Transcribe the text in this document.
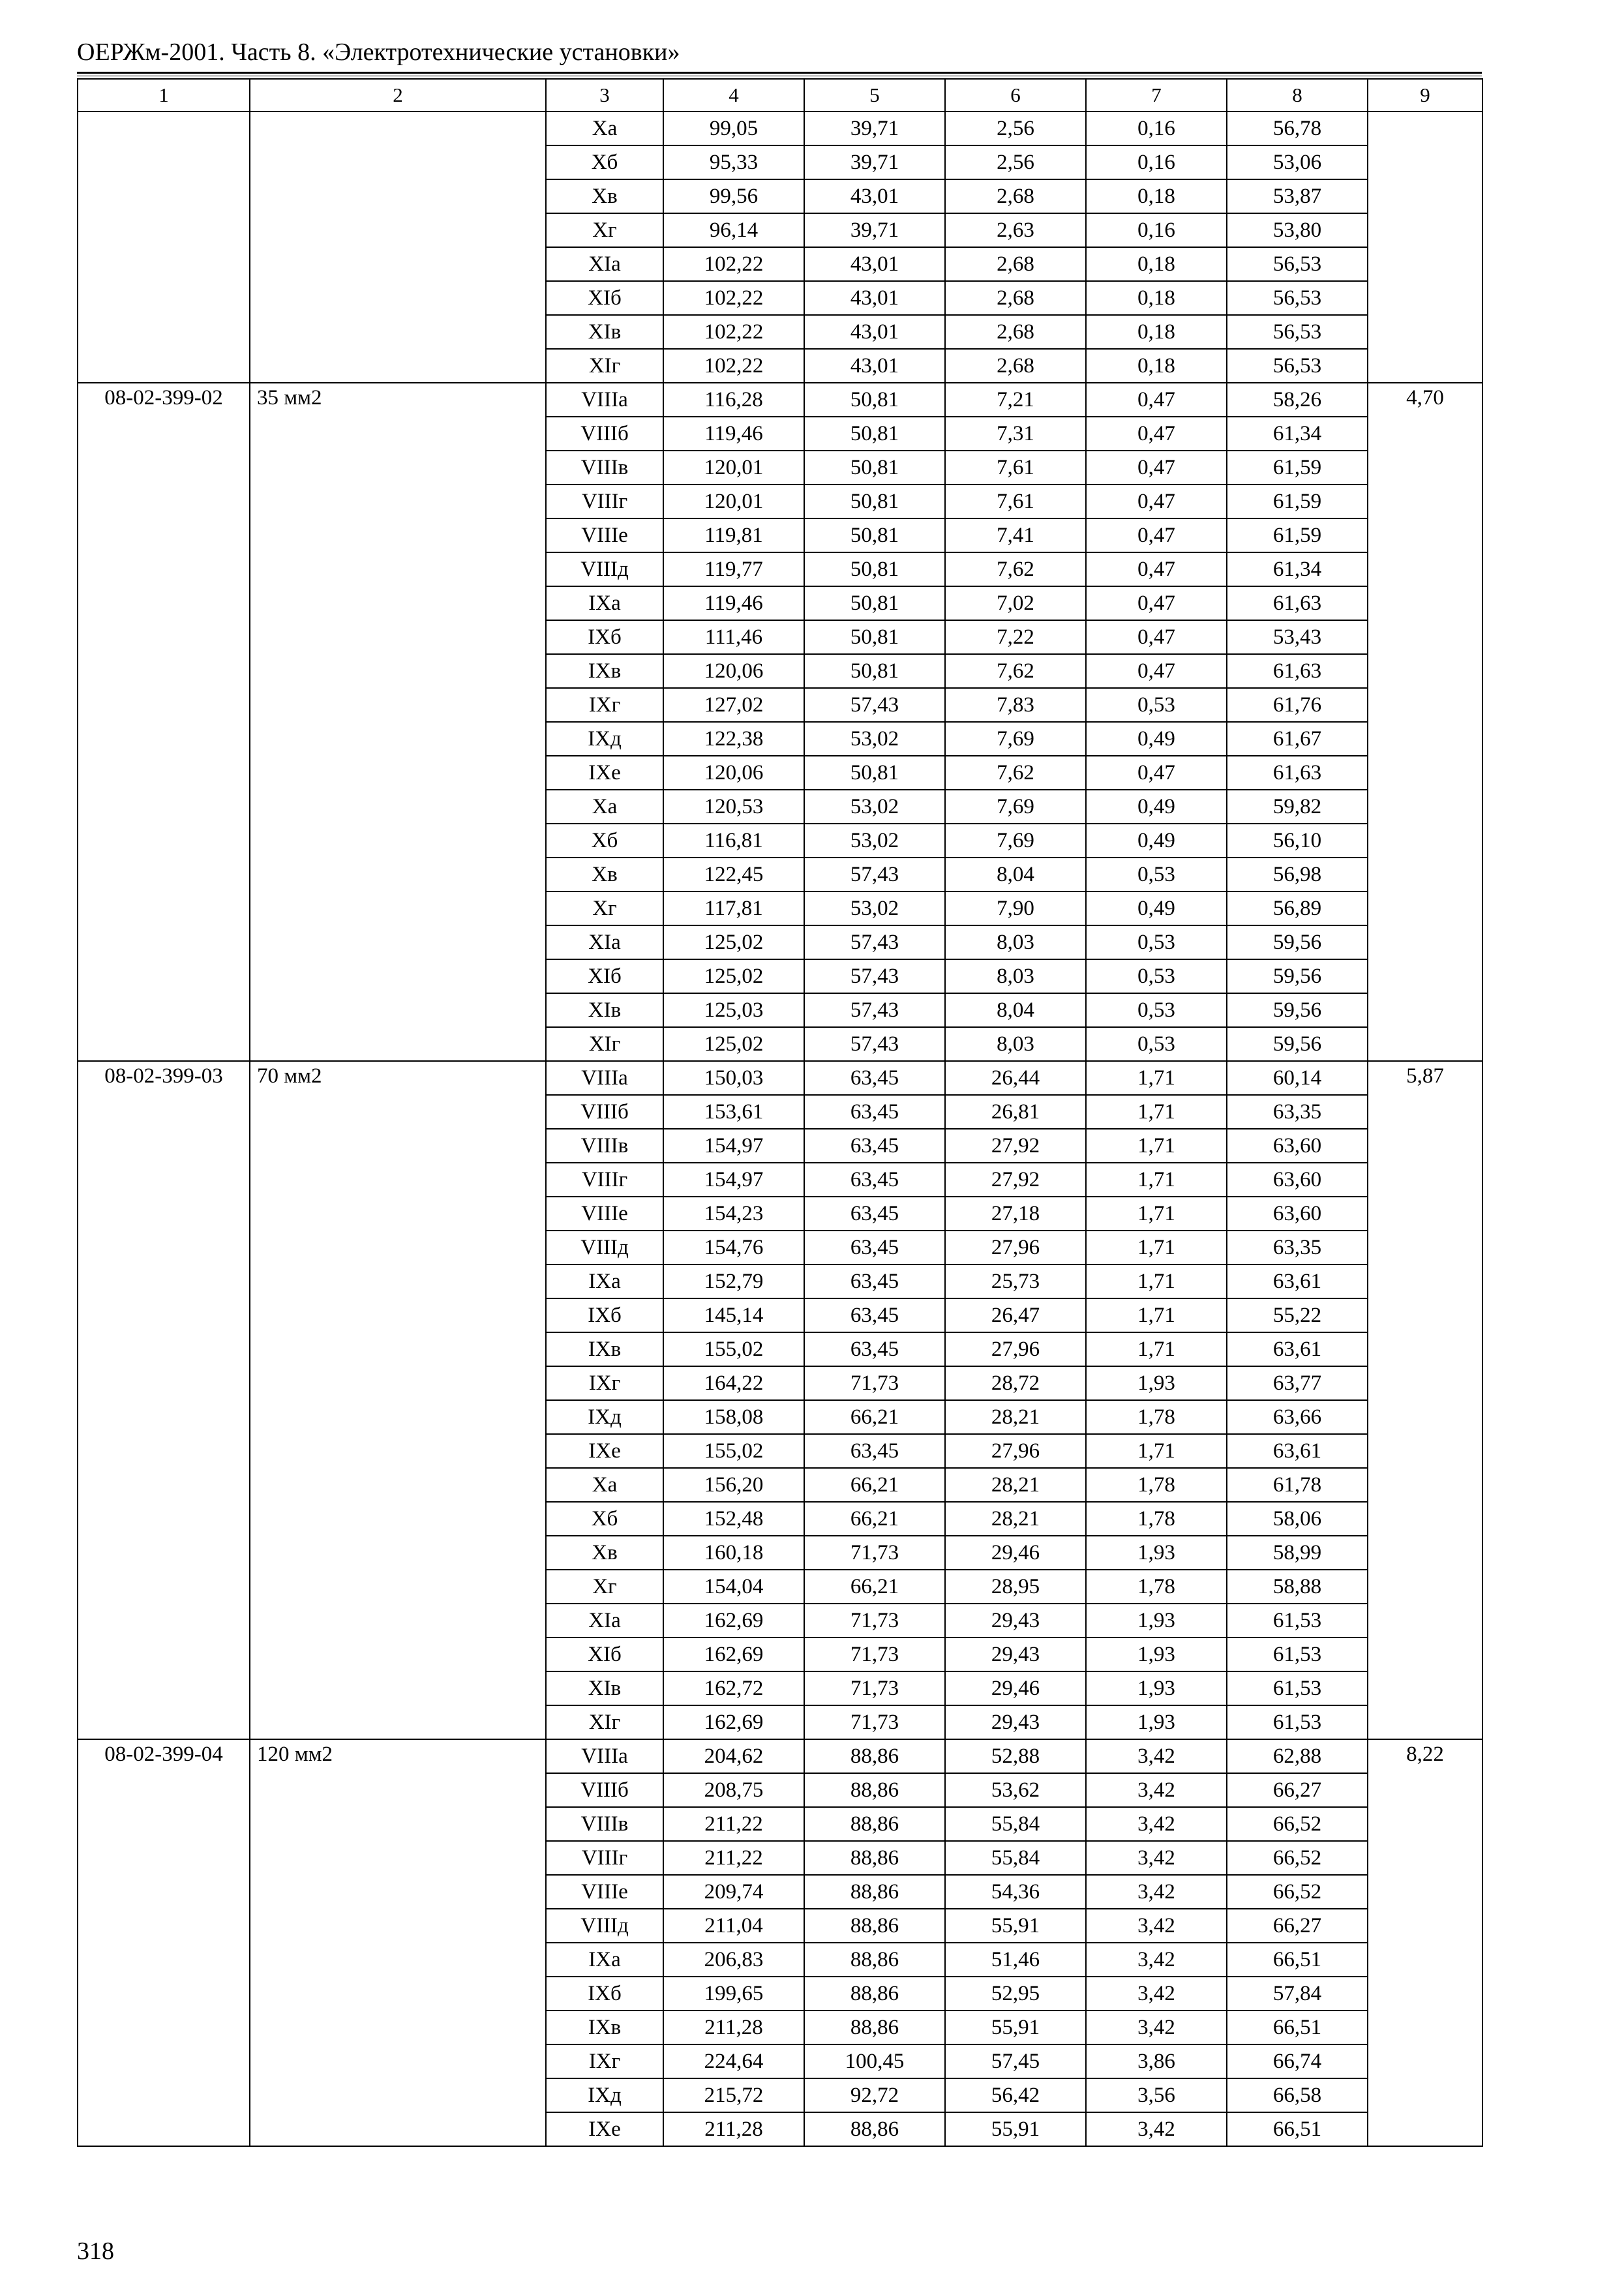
ОЕРЖм-2001. Часть 8. «Электротехнические установки»
1	2	3	4	5	6	7	8	9
		Xa	99,05	39,71	2,56	0,16	56,78	
		Xб	95,33	39,71	2,56	0,16	53,06	
		Xв	99,56	43,01	2,68	0,18	53,87	
		Xг	96,14	39,71	2,63	0,16	53,80	
		XIa	102,22	43,01	2,68	0,18	56,53	
		XIб	102,22	43,01	2,68	0,18	56,53	
		XIв	102,22	43,01	2,68	0,18	56,53	
		XIг	102,22	43,01	2,68	0,18	56,53	
08-02-399-02	35 мм2	VIIIa	116,28	50,81	7,21	0,47	58,26	4,70
		VIIIб	119,46	50,81	7,31	0,47	61,34	
		VIIIв	120,01	50,81	7,61	0,47	61,59	
		VIIIг	120,01	50,81	7,61	0,47	61,59	
		VIIIe	119,81	50,81	7,41	0,47	61,59	
		VIIIд	119,77	50,81	7,62	0,47	61,34	
		IXa	119,46	50,81	7,02	0,47	61,63	
		IXб	111,46	50,81	7,22	0,47	53,43	
		IXв	120,06	50,81	7,62	0,47	61,63	
		IXг	127,02	57,43	7,83	0,53	61,76	
		IXд	122,38	53,02	7,69	0,49	61,67	
		IXe	120,06	50,81	7,62	0,47	61,63	
		Xa	120,53	53,02	7,69	0,49	59,82	
		Xб	116,81	53,02	7,69	0,49	56,10	
		Xв	122,45	57,43	8,04	0,53	56,98	
		Xг	117,81	53,02	7,90	0,49	56,89	
		XIa	125,02	57,43	8,03	0,53	59,56	
		XIб	125,02	57,43	8,03	0,53	59,56	
		XIв	125,03	57,43	8,04	0,53	59,56	
		XIг	125,02	57,43	8,03	0,53	59,56	
08-02-399-03	70 мм2	VIIIa	150,03	63,45	26,44	1,71	60,14	5,87
		VIIIб	153,61	63,45	26,81	1,71	63,35	
		VIIIв	154,97	63,45	27,92	1,71	63,60	
		VIIIг	154,97	63,45	27,92	1,71	63,60	
		VIIIe	154,23	63,45	27,18	1,71	63,60	
		VIIIд	154,76	63,45	27,96	1,71	63,35	
		IXa	152,79	63,45	25,73	1,71	63,61	
		IXб	145,14	63,45	26,47	1,71	55,22	
		IXв	155,02	63,45	27,96	1,71	63,61	
		IXг	164,22	71,73	28,72	1,93	63,77	
		IXд	158,08	66,21	28,21	1,78	63,66	
		IXe	155,02	63,45	27,96	1,71	63,61	
		Xa	156,20	66,21	28,21	1,78	61,78	
		Xб	152,48	66,21	28,21	1,78	58,06	
		Xв	160,18	71,73	29,46	1,93	58,99	
		Xг	154,04	66,21	28,95	1,78	58,88	
		XIa	162,69	71,73	29,43	1,93	61,53	
		XIб	162,69	71,73	29,43	1,93	61,53	
		XIв	162,72	71,73	29,46	1,93	61,53	
		XIг	162,69	71,73	29,43	1,93	61,53	
08-02-399-04	120 мм2	VIIIa	204,62	88,86	52,88	3,42	62,88	8,22
		VIIIб	208,75	88,86	53,62	3,42	66,27	
		VIIIв	211,22	88,86	55,84	3,42	66,52	
		VIIIг	211,22	88,86	55,84	3,42	66,52	
		VIIIe	209,74	88,86	54,36	3,42	66,52	
		VIIIд	211,04	88,86	55,91	3,42	66,27	
		IXa	206,83	88,86	51,46	3,42	66,51	
		IXб	199,65	88,86	52,95	3,42	57,84	
		IXв	211,28	88,86	55,91	3,42	66,51	
		IXг	224,64	100,45	57,45	3,86	66,74	
		IXд	215,72	92,72	56,42	3,56	66,58	
		IXe	211,28	88,86	55,91	3,42	66,51	
318
